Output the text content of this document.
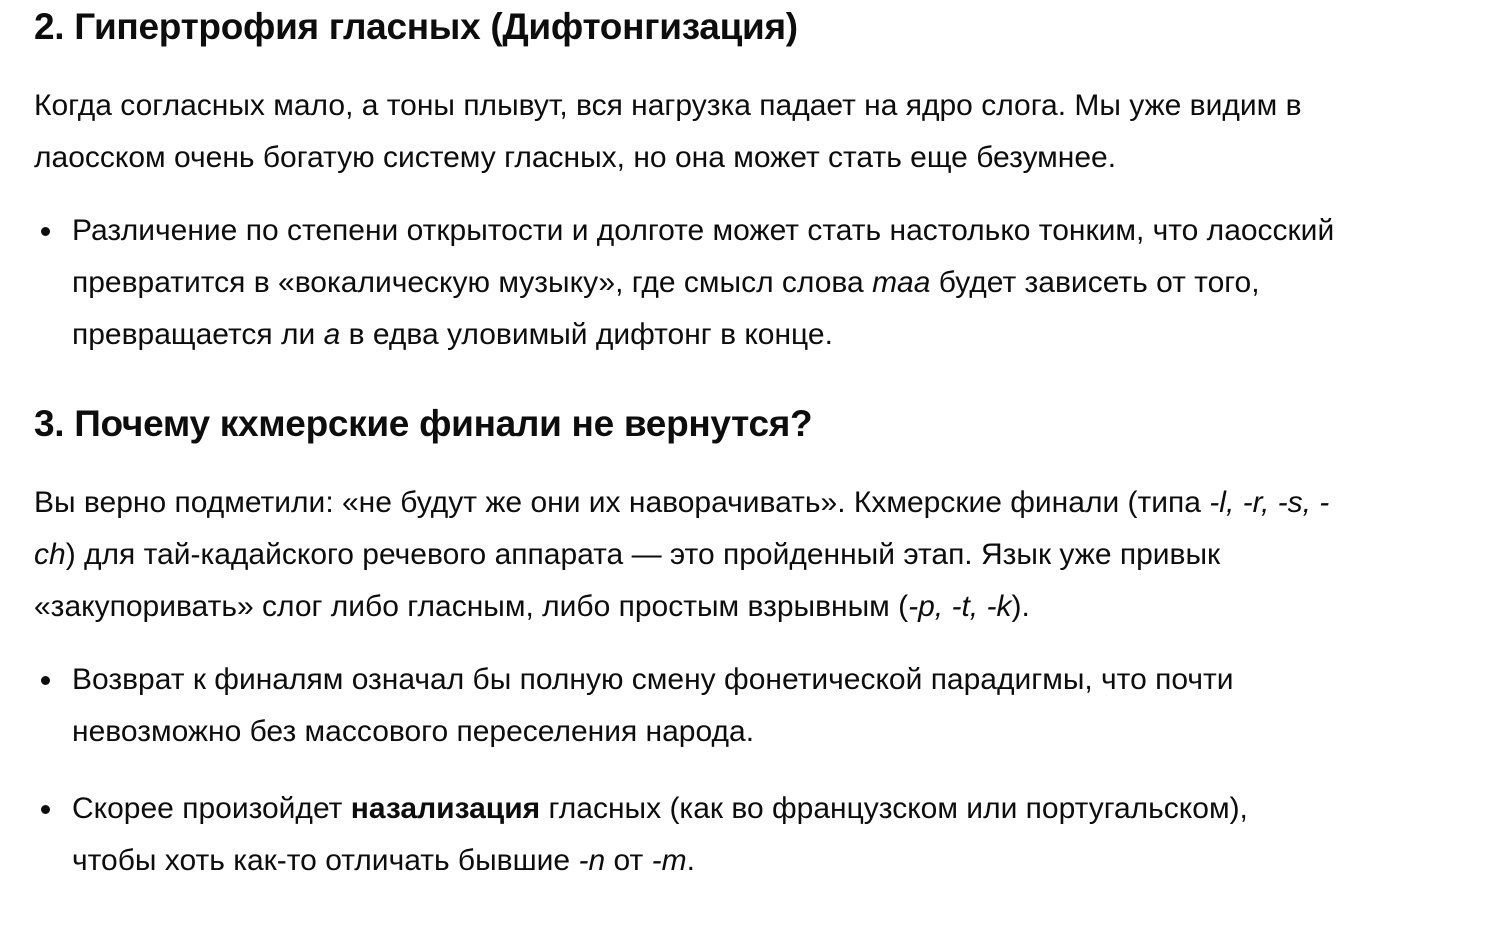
2. Гипертрофия гласных (Дифтонгизация)

Когда согласных мало, а тоны плывут, вся нагрузка падает на ядро слога. Мы уже видим в лаосском очень богатую систему гласных, но она может стать еще безумнее.

Различение по степени открытости и долготе может стать настолько тонким, что лаосский превратится в «вокалическую музыку», где смысл слова maa будет зависеть от того, превращается ли a в едва уловимый дифтонг в конце.
3. Почему кхмерские финали не вернутся?

Вы верно подметили: «не будут же они их наворачивать». Кхмерские финали (типа -l, -r, -s, -ch) для тай-кадайского речевого аппарата — это пройденный этап. Язык уже привык «закупоривать» слог либо гласным, либо простым взрывным (-p, -t, -k).

Возврат к финалям означал бы полную смену фонетической парадигмы, что почти невозможно без массового переселения народа.
Скорее произойдет назализация гласных (как во французском или португальском), чтобы хоть как-то отличать бывшие -n от -m.
